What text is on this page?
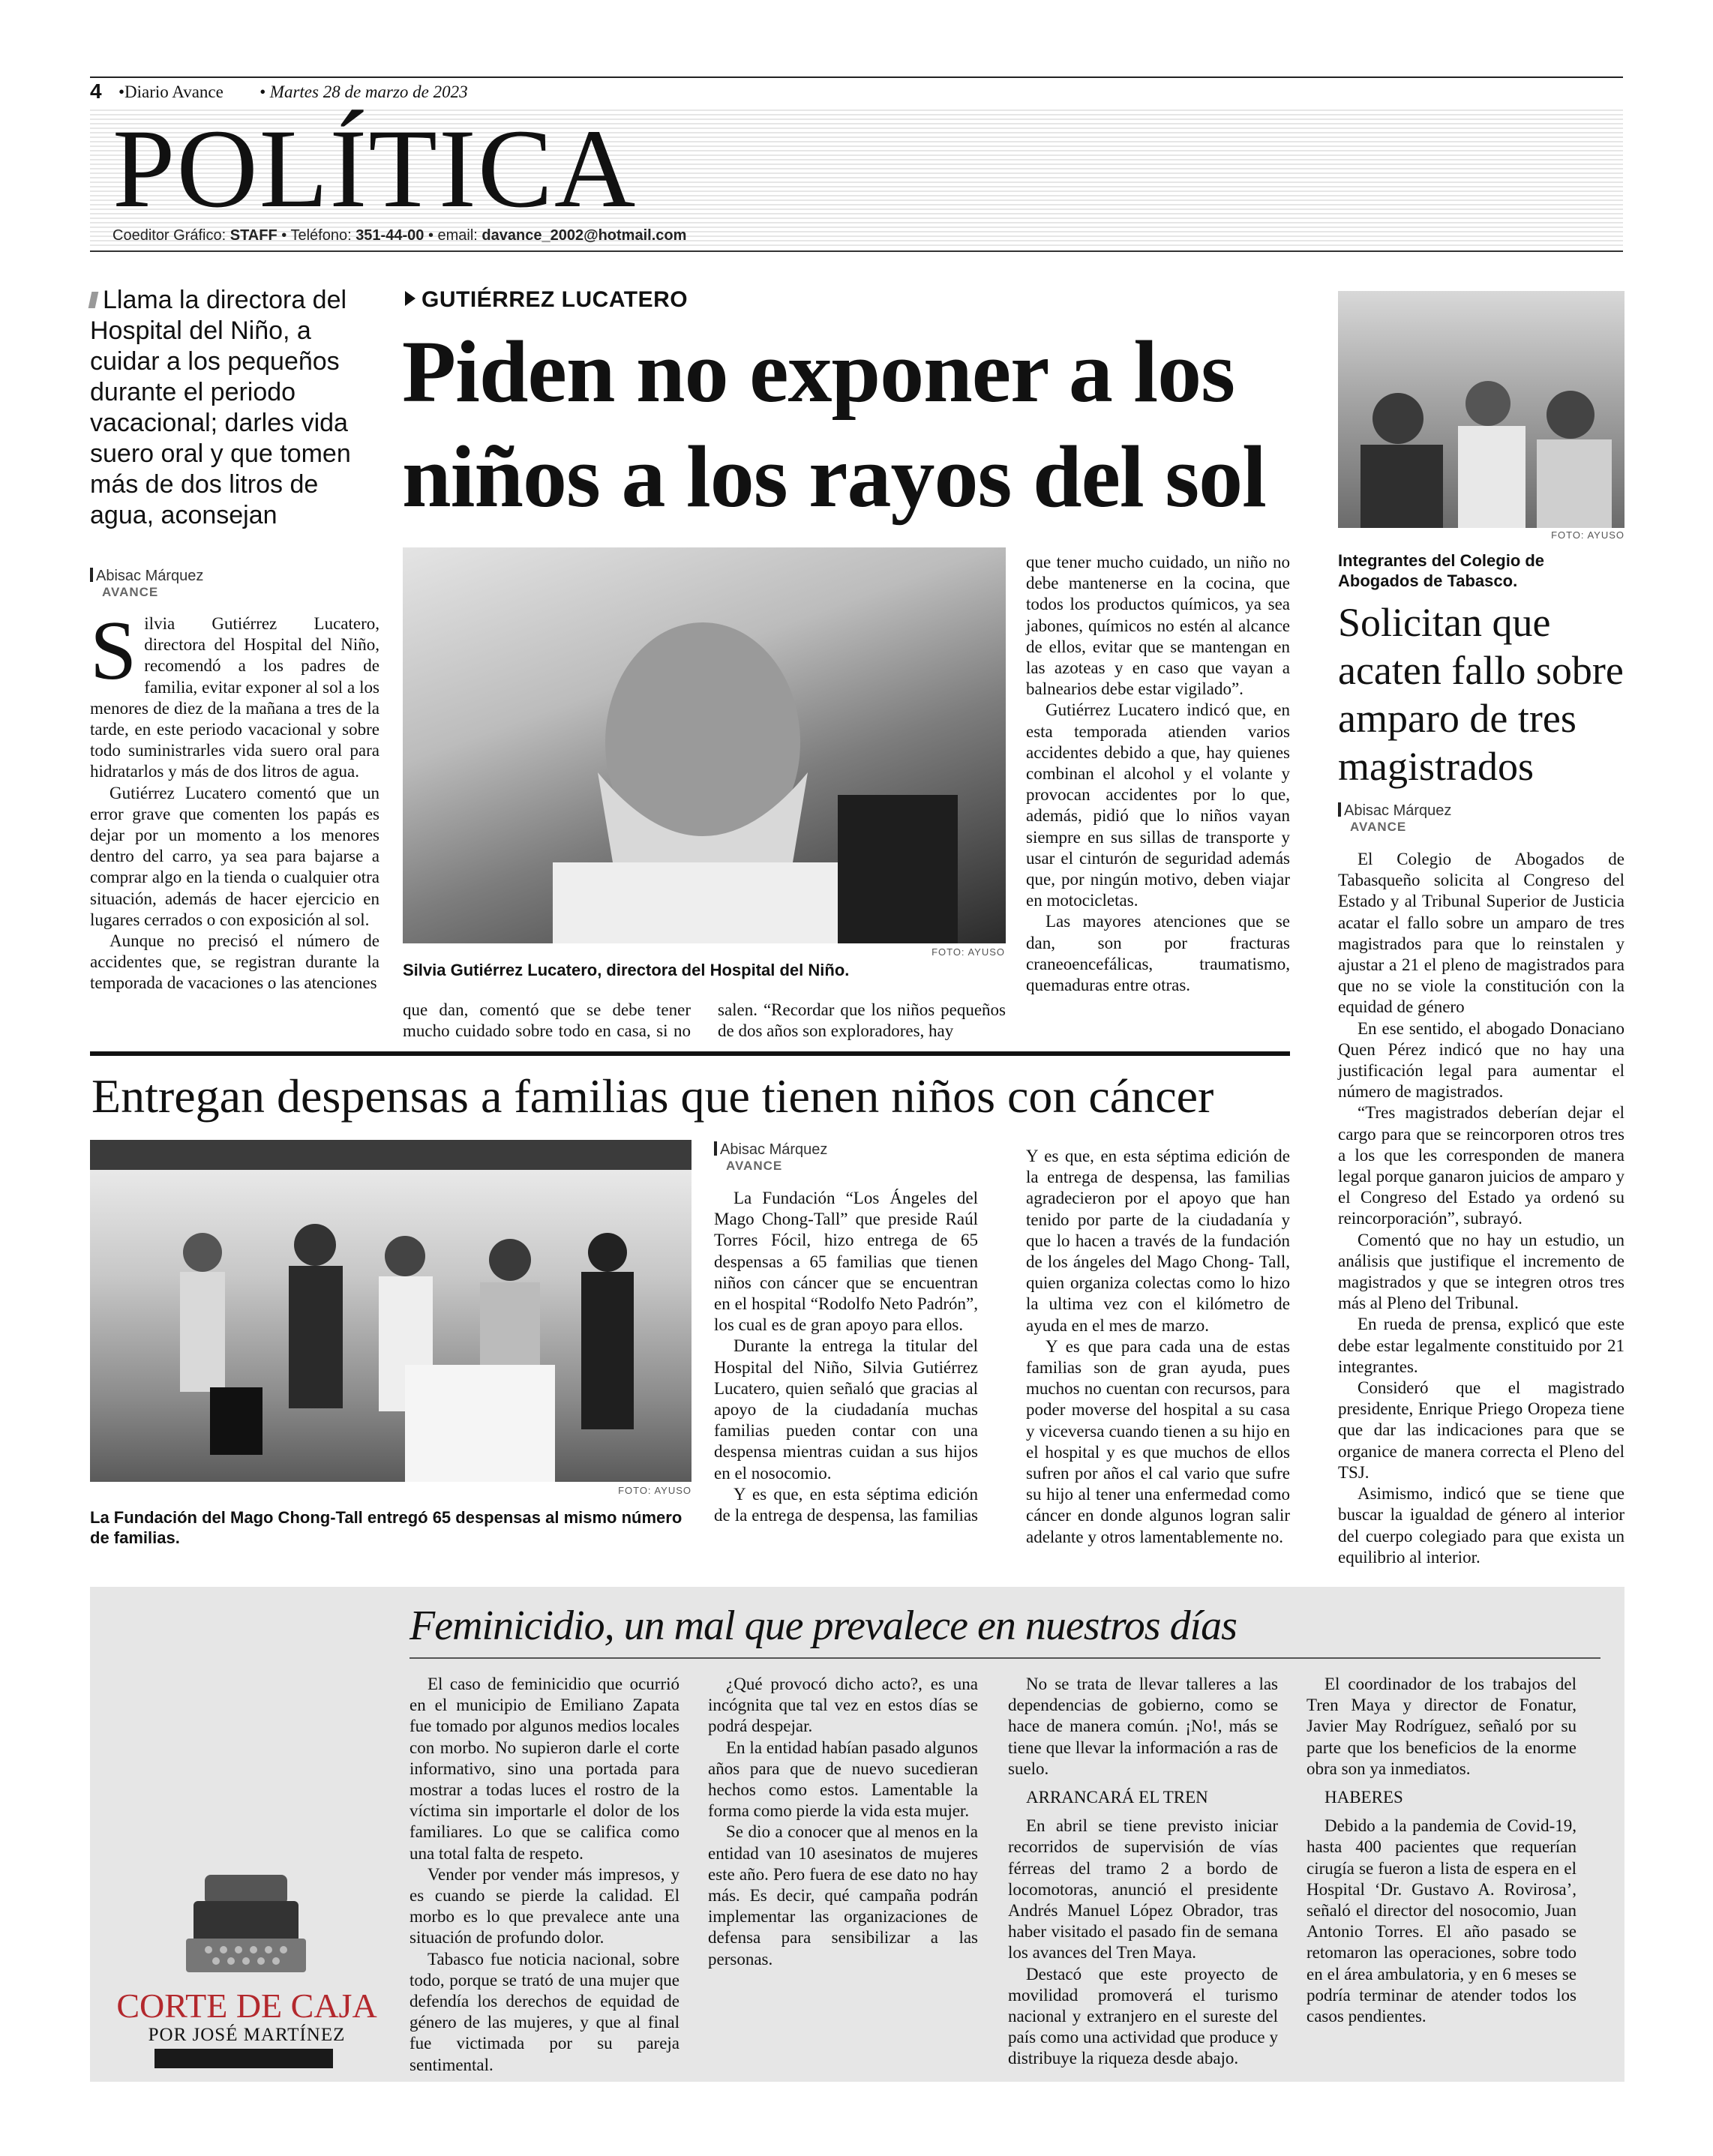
4 •Diario Avance • Martes 28 de marzo de 2023
POLÍTICA
Coeditor Gráfico: STAFF • Teléfono: 351-44-00 • email: davance_2002@hotmail.com
Llama la directora del Hospital del Niño, a cuidar a los pequeños durante el periodo vacacional; darles vida suero oral y que tomen más de dos litros de agua, aconsejan
Abisac Márquez
AVANCE

Silvia Gutiérrez Lucatero, directora del Hospital del Niño, recomendó a los padres de familia, evitar exponer al sol a los menores de diez de la mañana a tres de la tarde, en este periodo vacacional y sobre todo suministrarles vida suero oral para hidratarlos y más de dos litros de agua.

Gutiérrez Lucatero comentó que un error grave que comenten los papás es dejar por un momento a los menores dentro del carro, ya sea para bajarse a comprar algo en la tienda o cualquier otra situación, además de hacer ejercicio en lugares cerrados o con exposición al sol.

Aunque no precisó el número de accidentes que, se registran durante la temporada de vacaciones o las atenciones

GUTIÉRREZ LUCATERO
Piden no exponer a los niños a los rayos del sol
FOTO: AYUSO
Silvia Gutiérrez Lucatero, directora del Hospital del Niño.

que dan, comentó que se debe tener mucho cuidado sobre todo en casa, si no salen. “Recordar que los niños pequeños de dos años son exploradores, hay

que tener mucho cuidado, un niño no debe mantenerse en la cocina, que todos los productos químicos, ya sea jabones, químicos no estén al alcance de ellos, evitar que se mantengan en las azoteas y en caso que vayan a balnearios debe estar vigilado”.

Gutiérrez Lucatero indicó que, en esta temporada atienden varios accidentes debido a que, hay quienes combinan el alcohol y el volante y provocan accidentes por lo que, además, pidió que lo niños vayan siempre en sus sillas de transporte y usar el cinturón de seguridad además que, por ningún motivo, deben viajar en motocicletas.

Las mayores atenciones que se dan, son por fracturas craneoencefálicas, traumatismo, quemaduras entre otras.

FOTO: AYUSO
Integrantes del Colegio de Abogados de Tabasco.
Solicitan que acaten fallo sobre amparo de tres magistrados
Abisac Márquez
AVANCE

El Colegio de Abogados de Tabasqueño solicita al Congreso del Estado y al Tribunal Superior de Justicia acatar el fallo sobre un amparo de tres magistrados para que lo reinstalen y ajustar a 21 el pleno de magistrados para que no se viole la constitución con la equidad de género

En ese sentido, el abogado Donaciano Quen Pérez indicó que no hay una justificación legal para aumentar el número de magistrados.

“Tres magistrados deberían dejar el cargo para que se reincorporen otros tres a los que les corresponden de manera legal porque ganaron juicios de amparo y el Congreso del Estado ya ordenó su reincorporación”, subrayó.

Comentó que no hay un estudio, un análisis que justifique el incremento de magistrados y que se integren otros tres más al Pleno del Tribunal.

En rueda de prensa, explicó que este debe estar legalmente constituido por 21 integrantes.

Consideró que el magistrado presidente, Enrique Priego Oropeza tiene que dar las indicaciones para que se organice de manera correcta el Pleno del TSJ.

Asimismo, indicó que se tiene que buscar la igualdad de género al interior del cuerpo colegiado para que exista un equilibrio al interior.

Entregan despensas a familias que tienen niños con cáncer
FOTO: AYUSO
La Fundación del Mago Chong-Tall entregó 65 despensas al mismo número de familias.
Abisac Márquez
AVANCE

La Fundación “Los Ángeles del Mago Chong-Tall” que preside Raúl Torres Fócil, hizo entrega de 65 despensas a 65 familias que tienen niños con cáncer que se encuentran en el hospital “Rodolfo Neto Padrón”, los cual es de gran apoyo para ellos.

Durante la entrega la titular del Hospital del Niño, Silvia Gutiérrez Lucatero, quien señaló que gracias al apoyo de la ciudadanía muchas familias pueden contar con una despensa mientras cuidan a sus hijos en el nosocomio.

Y es que, en esta séptima edición de la entrega de despensa, las familias

Y es que, en esta séptima edición de la entrega de despensa, las familias agradecieron por el apoyo que han tenido por parte de la ciudadanía y que lo hacen a través de la fundación de los ángeles del Mago Chong- Tall, quien organiza colectas como lo hizo la ultima vez con el kilómetro de ayuda en el mes de marzo.

Y es que para cada una de estas familias son de gran ayuda, pues muchos no cuentan con recursos, para poder moverse del hospital a su casa y viceversa cuando tienen a su hijo en el hospital y es que muchos de ellos sufren por años el cal vario que sufre su hijo al tener una enfermedad como cáncer en donde algunos logran salir adelante y otros lamentablemente no.

Feminicidio, un mal que prevalece en nuestros días
CORTE DE CAJA
POR JOSÉ MARTÍNEZ

El caso de feminicidio que ocurrió en el municipio de Emiliano Zapata fue tomado por algunos medios locales con morbo. No supieron darle el corte informativo, sino una portada para mostrar a todas luces el rostro de la víctima sin importarle el dolor de los familiares. Lo que se califica como una total falta de respeto.

Vender por vender más impresos, y es cuando se pierde la calidad. El morbo es lo que prevalece ante una situación de profundo dolor.

Tabasco fue noticia nacional, sobre todo, porque se trató de una mujer que defendía los derechos de equidad de género de las mujeres, y que al final fue victimada por su pareja sentimental.

¿Qué provocó dicho acto?, es una incógnita que tal vez en estos días se podrá despejar.

En la entidad habían pasado algunos años para que de nuevo sucedieran hechos como estos. Lamentable la forma como pierde la vida esta mujer.

Se dio a conocer que al menos en la entidad van 10 asesinatos de mujeres este año. Pero fuera de ese dato no hay más. Es decir, qué campaña podrán implementar las organizaciones de defensa para sensibilizar a las personas.

No se trata de llevar talleres a las dependencias de gobierno, como se hace de manera común. ¡No!, más se tiene que llevar la información a ras de suelo.

ARRANCARÁ EL TREN

En abril se tiene previsto iniciar recorridos de supervisión de vías férreas del tramo 2 a bordo de locomotoras, anunció el presidente Andrés Manuel López Obrador, tras haber visitado el pasado fin de semana los avances del Tren Maya.

Destacó que este proyecto de movilidad promoverá el turismo nacional y extranjero en el sureste del país como una actividad que produce y distribuye la riqueza desde abajo.

El coordinador de los trabajos del Tren Maya y director de Fonatur, Javier May Rodríguez, señaló por su parte que los beneficios de la enorme obra son ya inmediatos.

HABERES

Debido a la pandemia de Covid-19, hasta 400 pacientes que requerían cirugía se fueron a lista de espera en el Hospital ‘Dr. Gustavo A. Rovirosa’, señaló el director del nosocomio, Juan Antonio Torres. El año pasado se retomaron las operaciones, sobre todo en el área ambulatoria, y en 6 meses se podría terminar de atender todos los casos pendientes.
